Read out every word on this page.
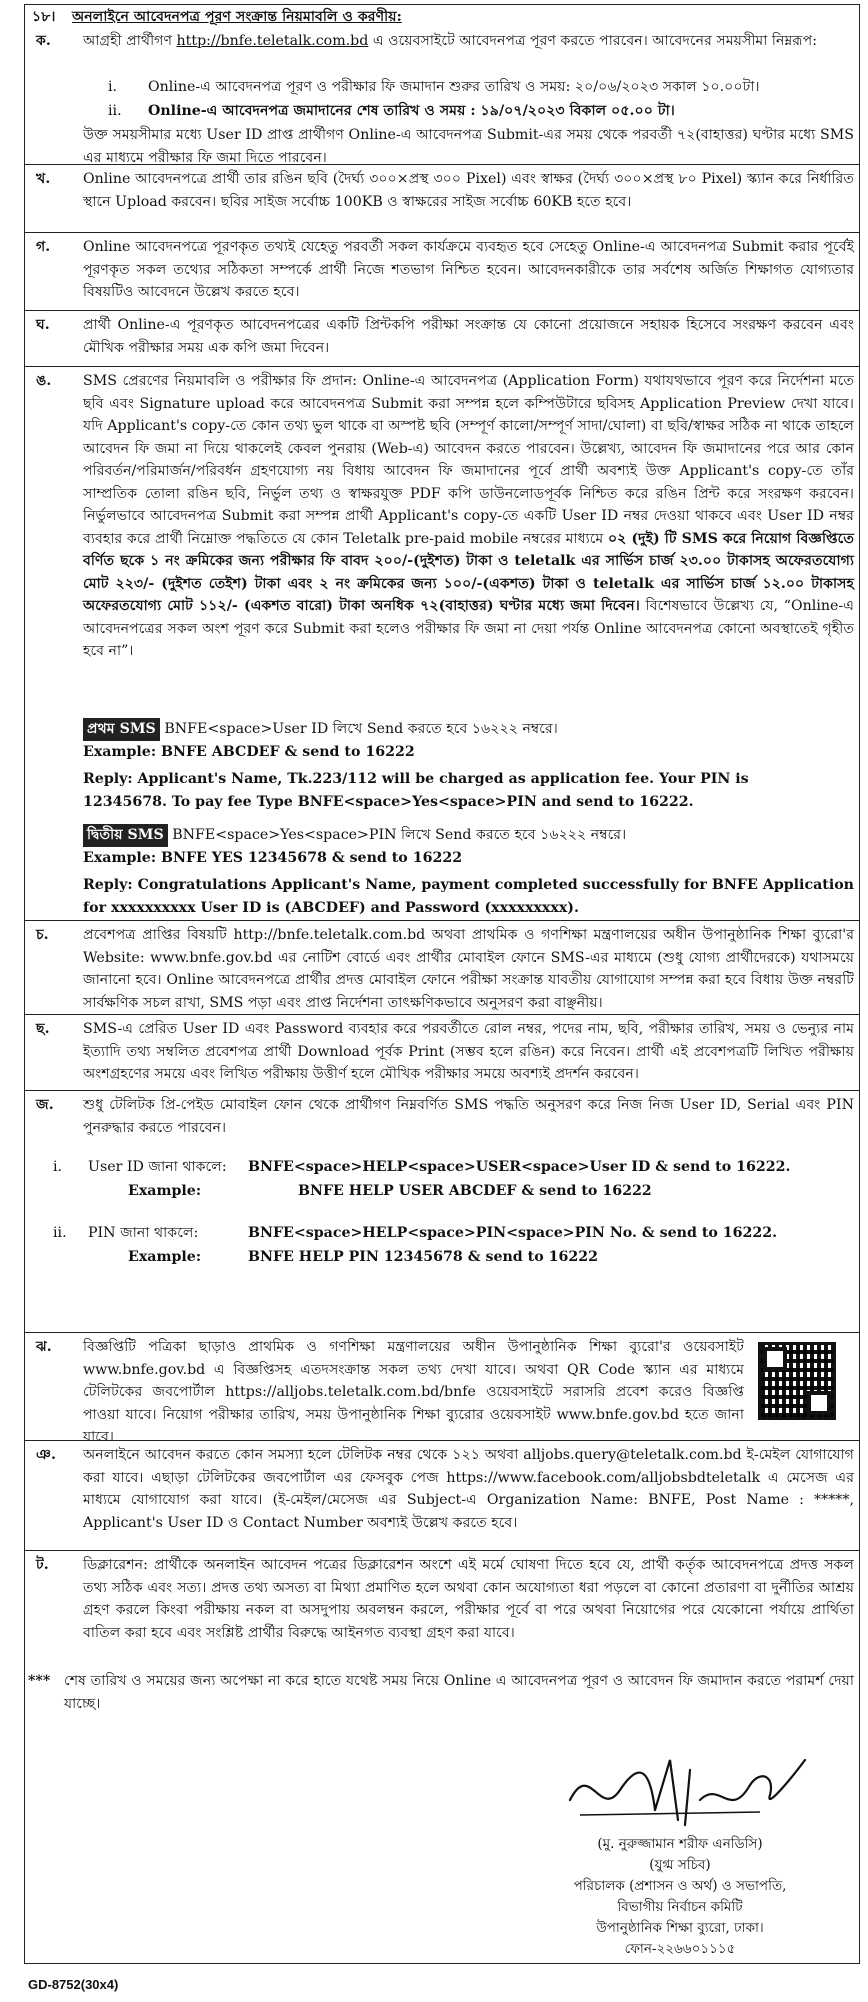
১৮। অনলাইনে আবেদনপত্র পূরণ সংক্রান্ত নিয়মাবলি ও করণীয়:
ক. আগ্রহী প্রার্থীগণ http://bnfe.teletalk.com.bd এ ওয়েবসাইটে আবেদনপত্র পূরণ করতে পারবেন। আবেদনের সময়সীমা নিম্নরূপ:
i. Online-এ আবেদনপত্র পূরণ ও পরীক্ষার ফি জমাদান শুরুর তারিখ ও সময়: ২০/০৬/২০২৩ সকাল ১০.০০টা।
ii. Online-এ আবেদনপত্র জমাদানের শেষ তারিখ ও সময় : ১৯/০৭/২০২৩ বিকাল ০৫.০০ টা।
উক্ত সময়সীমার মধ্যে User ID প্রাপ্ত প্রার্থীগণ Online-এ আবেদনপত্র Submit-এর সময় থেকে পরবর্তী ৭২(বাহাত্তর) ঘণ্টার মধ্যে SMS এর মাধ্যমে পরীক্ষার ফি জমা দিতে পারবেন।
খ. Online আবেদনপত্রে প্রার্থী তার রঙিন ছবি (দৈর্ঘ্য ৩০০×প্রস্থ ৩০০ Pixel) এবং স্বাক্ষর (দৈর্ঘ্য ৩০০×প্রস্থ ৮০ Pixel) স্ক্যান করে নির্ধারিত স্থানে Upload করবেন। ছবির সাইজ সর্বোচ্চ 100KB ও স্বাক্ষরের সাইজ সর্বোচ্চ 60KB হতে হবে।
গ. Online আবেদনপত্রে পূরণকৃত তথ্যই যেহেতু পরবর্তী সকল কার্যক্রমে ব্যবহৃত হবে সেহেতু Online-এ আবেদনপত্র Submit করার পূর্বেই পূরণকৃত সকল তথ্যের সঠিকতা সম্পর্কে প্রার্থী নিজে শতভাগ নিশ্চিত হবেন। আবেদনকারীকে তার সর্বশেষ অর্জিত শিক্ষাগত যোগ্যতার বিষয়টিও আবেদনে উল্লেখ করতে হবে।
ঘ. প্রার্থী Online-এ পূরণকৃত আবেদনপত্রের একটি প্রিন্টকপি পরীক্ষা সংক্রান্ত যে কোনো প্রয়োজনে সহায়ক হিসেবে সংরক্ষণ করবেন এবং মৌখিক পরীক্ষার সময় এক কপি জমা দিবেন।
ঙ. SMS প্রেরণের নিয়মাবলি ও পরীক্ষার ফি প্রদান: Online-এ আবেদনপত্র (Application Form) যথাযথভাবে পূরণ করে নির্দেশনা মতে ছবি এবং Signature upload করে আবেদনপত্র Submit করা সম্পন্ন হলে কম্পিউটারে ছবিসহ Application Preview দেখা যাবে। যদি Applicant's copy-তে কোন তথ্য ভুল থাকে বা অস্পষ্ট ছবি (সম্পূর্ণ কালো/সম্পূর্ণ সাদা/ঘোলা) বা ছবি/স্বাক্ষর সঠিক না থাকে তাহলে আবেদন ফি জমা না দিয়ে থাকলেই কেবল পুনরায় (Web-এ) আবেদন করতে পারবেন। উল্লেখ্য, আবেদন ফি জমাদানের পরে আর কোন পরিবর্তন/পরিমার্জন/পরিবর্ধন গ্রহণযোগ্য নয় বিধায় আবেদন ফি জমাদানের পূর্বে প্রার্থী অবশ্যই উক্ত Applicant's copy-তে তাঁর সাম্প্রতিক তোলা রঙিন ছবি, নির্ভুল তথ্য ও স্বাক্ষরযুক্ত PDF কপি ডাউনলোডপূর্বক নিশ্চিত করে রঙিন প্রিন্ট করে সংরক্ষণ করবেন। নির্ভুলভাবে আবেদনপত্র Submit করা সম্পন্ন প্রার্থী Applicant's copy-তে একটি User ID নম্বর দেওয়া থাকবে এবং User ID নম্বর ব্যবহার করে প্রার্থী নিম্নোক্ত পদ্ধতিতে যে কোন Teletalk pre-paid mobile নম্বরের মাধ্যমে ০২ (দুই) টি SMS করে নিয়োগ বিজ্ঞপ্তিতে বর্ণিত ছকে ১ নং ক্রমিকের জন্য পরীক্ষার ফি বাবদ ২০০/-(দুইশত) টাকা ও teletalk এর সার্ভিস চার্জ ২৩.০০ টাকাসহ অফেরতযোগ্য মোট ২২৩/- (দুইশত তেইশ) টাকা এবং ২ নং ক্রমিকের জন্য ১০০/-(একশত) টাকা ও teletalk এর সার্ভিস চার্জ ১২.০০ টাকাসহ অফেরতযোগ্য মোট ১১২/- (একশত বারো) টাকা অনধিক ৭২(বাহাত্তর) ঘণ্টার মধ্যে জমা দিবেন। বিশেষভাবে উল্লেখ্য যে, “Online-এ আবেদনপত্রের সকল অংশ পূরণ করে Submit করা হলেও পরীক্ষার ফি জমা না দেয়া পর্যন্ত Online আবেদনপত্র কোনো অবস্থাতেই গৃহীত হবে না”।
প্রথম SMS BNFE<space>User ID লিখে Send করতে হবে ১৬২২২ নম্বরে।
Example: BNFE ABCDEF & send to 16222
Reply: Applicant's Name, Tk.223/112 will be charged as application fee. Your PIN is
12345678. To pay fee Type BNFE<space>Yes<space>PIN and send to 16222.
দ্বিতীয় SMS BNFE<space>Yes<space>PIN লিখে Send করতে হবে ১৬২২২ নম্বরে।
Example: BNFE YES 12345678 & send to 16222
Reply: Congratulations Applicant's Name, payment completed successfully for BNFE Application for xxxxxxxxxx User ID is (ABCDEF) and Password (xxxxxxxxx).
চ. প্রবেশপত্র প্রাপ্তির বিষয়টি http://bnfe.teletalk.com.bd অথবা প্রাথমিক ও গণশিক্ষা মন্ত্রণালয়ের অধীন উপানুষ্ঠানিক শিক্ষা ব্যুরো'র Website: www.bnfe.gov.bd এর নোটিশ বোর্ডে এবং প্রার্থীর মোবাইল ফোনে SMS-এর মাধ্যমে (শুধু যোগ্য প্রার্থীদেরকে) যথাসময়ে জানানো হবে। Online আবেদনপত্রে প্রার্থীর প্রদত্ত মোবাইল ফোনে পরীক্ষা সংক্রান্ত যাবতীয় যোগাযোগ সম্পন্ন করা হবে বিধায় উক্ত নম্বরটি সার্বক্ষণিক সচল রাখা, SMS পড়া এবং প্রাপ্ত নির্দেশনা তাৎক্ষণিকভাবে অনুসরণ করা বাঞ্ছনীয়।
ছ. SMS-এ প্রেরিত User ID এবং Password ব্যবহার করে পরবর্তীতে রোল নম্বর, পদের নাম, ছবি, পরীক্ষার তারিখ, সময় ও ভেন্যুর নাম ইত্যাদি তথ্য সম্বলিত প্রবেশপত্র প্রার্থী Download পূর্বক Print (সম্ভব হলে রঙিন) করে নিবেন। প্রার্থী এই প্রবেশপত্রটি লিখিত পরীক্ষায় অংশগ্রহণের সময়ে এবং লিখিত পরীক্ষায় উত্তীর্ণ হলে মৌখিক পরীক্ষার সময়ে অবশ্যই প্রদর্শন করবেন।
জ. শুধু টেলিটক প্রি-পেইড মোবাইল ফোন থেকে প্রার্থীগণ নিম্নবর্ণিত SMS পদ্ধতি অনুসরণ করে নিজ নিজ User ID, Serial এবং PIN পুনরুদ্ধার করতে পারবেন।
i. User ID জানা থাকলে: BNFE<space>HELP<space>USER<space>User ID & send to 16222.
Example:	BNFE HELP USER ABCDEF & send to 16222
ii. PIN জানা থাকলে:	BNFE<space>HELP<space>PIN<space>PIN No. & send to 16222.
Example:	BNFE HELP PIN 12345678 & send to 16222
ঝ. বিজ্ঞপ্তিটি পত্রিকা ছাড়াও প্রাথমিক ও গণশিক্ষা মন্ত্রণালয়ের অধীন উপানুষ্ঠানিক শিক্ষা ব্যুরো'র ওয়েবসাইট www.bnfe.gov.bd এ বিজ্ঞপ্তিসহ এতদসংক্রান্ত সকল তথ্য দেখা যাবে। অথবা QR Code স্ক্যান এর মাধ্যমে টেলিটকের জবপোর্টাল https://alljobs.teletalk.com.bd/bnfe ওয়েবসাইটে সরাসরি প্রবেশ করেও বিজ্ঞপ্তি পাওয়া যাবে। নিয়োগ পরীক্ষার তারিখ, সময় উপানুষ্ঠানিক শিক্ষা ব্যুরোর ওয়েবসাইট www.bnfe.gov.bd হতে জানা যাবে।
ঞ. অনলাইনে আবেদন করতে কোন সমস্যা হলে টেলিটক নম্বর থেকে ১২১ অথবা alljobs.query@teletalk.com.bd ই-মেইল যোগাযোগ করা যাবে। এছাড়া টেলিটকের জবপোর্টাল এর ফেসবুক পেজ https://www.facebook.com/alljobsbdteletalk এ মেসেজ এর মাধ্যমে যোগাযোগ করা যাবে। (ই-মেইল/মেসেজ এর Subject-এ Organization Name: BNFE, Post Name : *****, Applicant's User ID ও Contact Number অবশ্যই উল্লেখ করতে হবে।
ট. ডিক্লারেশন: প্রার্থীকে অনলাইন আবেদন পত্রের ডিক্লারেশন অংশে এই মর্মে ঘোষণা দিতে হবে যে, প্রার্থী কর্তৃক আবেদনপত্রে প্রদত্ত সকল তথ্য সঠিক এবং সত্য। প্রদত্ত তথ্য অসত্য বা মিথ্যা প্রমাণিত হলে অথবা কোন অযোগ্যতা ধরা পড়লে বা কোনো প্রতারণা বা দুর্নীতির আশ্রয় গ্রহণ করলে কিংবা পরীক্ষায় নকল বা অসদুপায় অবলম্বন করলে, পরীক্ষার পূর্বে বা পরে অথবা নিয়োগের পরে যেকোনো পর্যায়ে প্রার্থিতা বাতিল করা হবে এবং সংশ্লিষ্ট প্রার্থীর বিরুদ্ধে আইনগত ব্যবস্থা গ্রহণ করা যাবে।
*** শেষ তারিখ ও সময়ের জন্য অপেক্ষা না করে হাতে যথেষ্ট সময় নিয়ে Online এ আবেদনপত্র পূরণ ও আবেদন ফি জমাদান করতে পরামর্শ দেয়া যাচ্ছে।
(মু. নুরুজ্জামান শরীফ এনডিসি)
(যুগ্ম সচিব)
পরিচালক (প্রশাসন ও অর্থ) ও সভাপতি,
বিভাগীয় নির্বাচন কমিটি
উপানুষ্ঠানিক শিক্ষা ব্যুরো, ঢাকা।
ফোন-২২৬৬০১১১৫
GD-8752(30x4)
